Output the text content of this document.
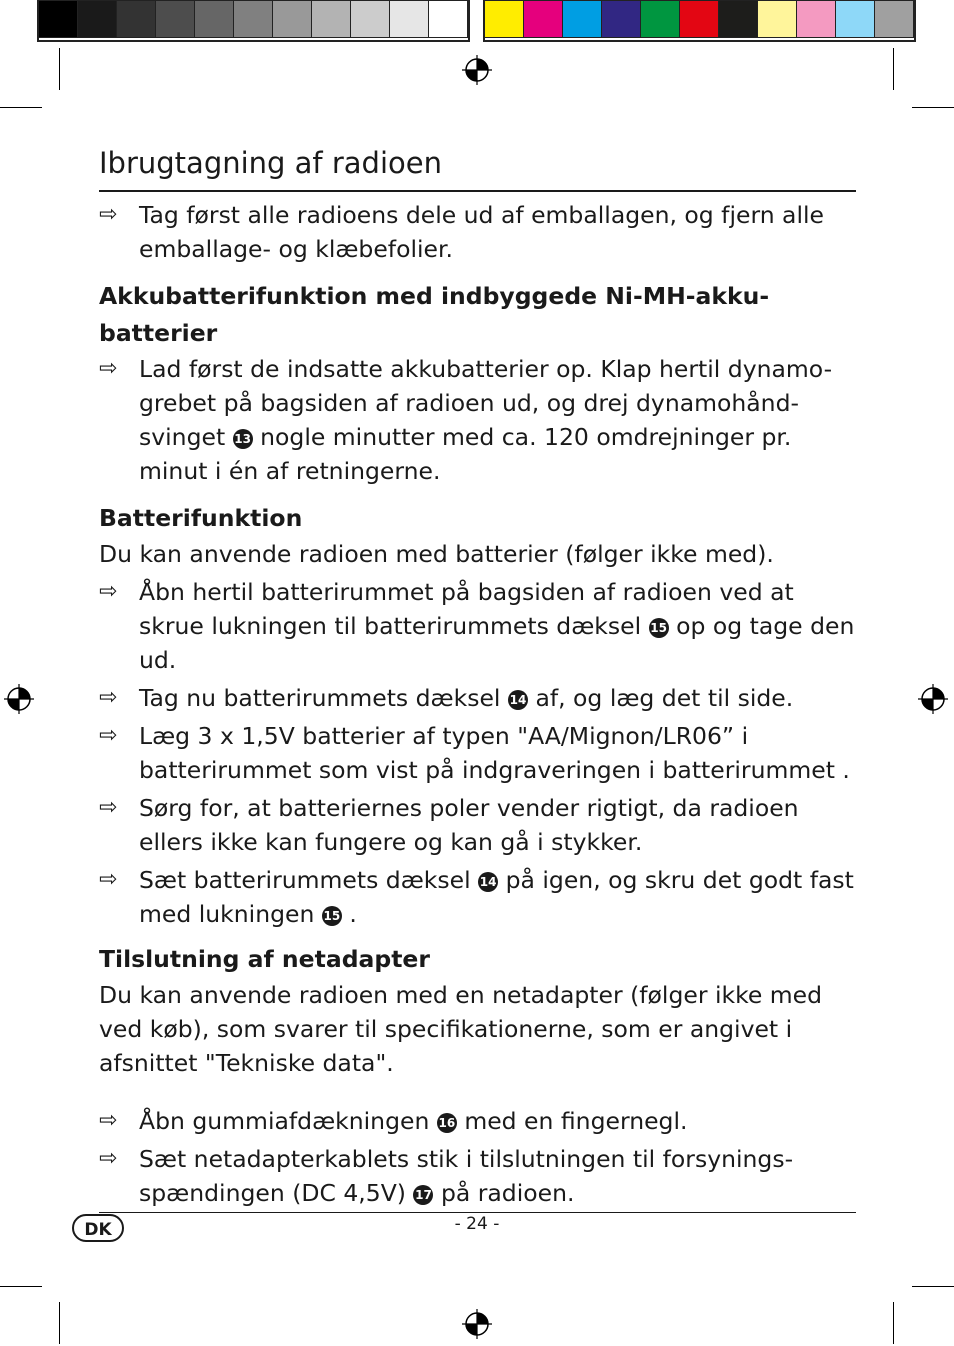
Ibrugtagning af radioen

⇨ Tag først alle radioens dele ud af emballagen, og fjern alle emballage- og klæbefolier.

Akkubatterifunktion med indbyggede Ni-MH-akku-batterier

⇨ Lad først de indsatte akkubatterier op. Klap hertil dynamo-grebet på bagsiden af radioen ud, og drej dynamohånd-svinget 13 nogle minutter med ca. 120 omdrejninger pr. minut i én af retningerne.

Batterifunktion

Du kan anvende radioen med batterier (følger ikke med).

⇨ Åbn hertil batterirummet på bagsiden af radioen ved at skrue lukningen til batterirummets dæksel 15 op og tage den ud.

⇨ Tag nu batterirummets dæksel 14 af, og læg det til side.

⇨ Læg 3 x 1,5V batterier af typen "AA/Mignon/LR06” i batterirummet som vist på indgraveringen i batterirummet .

⇨ Sørg for, at batteriernes poler vender rigtigt, da radioen ellers ikke kan fungere og kan gå i stykker.

⇨ Sæt batterirummets dæksel 14 på igen, og skru det godt fast med lukningen 15 .

Tilslutning af netadapter

Du kan anvende radioen med en netadapter (følger ikke med ved køb), som svarer til specifikationerne, som er angivet i afsnittet "Tekniske data".

⇨ Åbn gummiafdækningen 16 med en fingernegl.

⇨ Sæt netadapterkablets stik i tilslutningen til forsynings-spændingen (DC 4,5V) 17 på radioen.

DK	- 24 -
